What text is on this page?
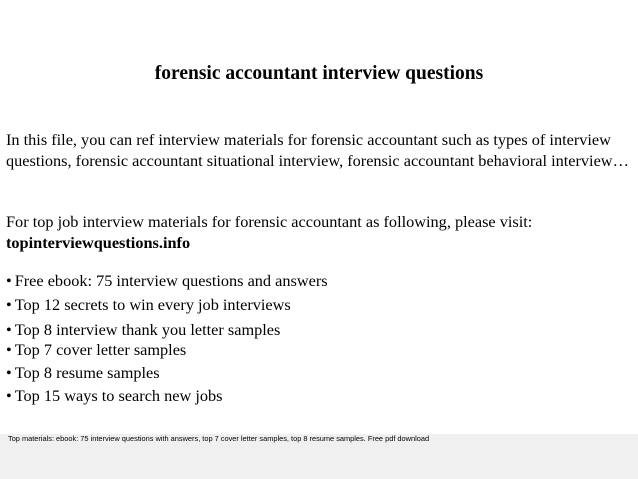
forensic accountant interview questions

In this file, you can ref interview materials for forensic accountant such as types of interview questions, forensic accountant situational interview, forensic accountant behavioral interview…

For top job interview materials for forensic accountant as following, please visit:

topinterviewquestions.info
• Free ebook: 75 interview questions and answers
• Top 12 secrets to win every job interviews
• Top 8 interview thank you letter samples
• Top 7 cover letter samples
• Top 8 resume samples
• Top 15 ways to search new jobs
Top materials: ebook: 75 interview questions with answers, top 7 cover letter samples, top 8 resume samples. Free pdf download
